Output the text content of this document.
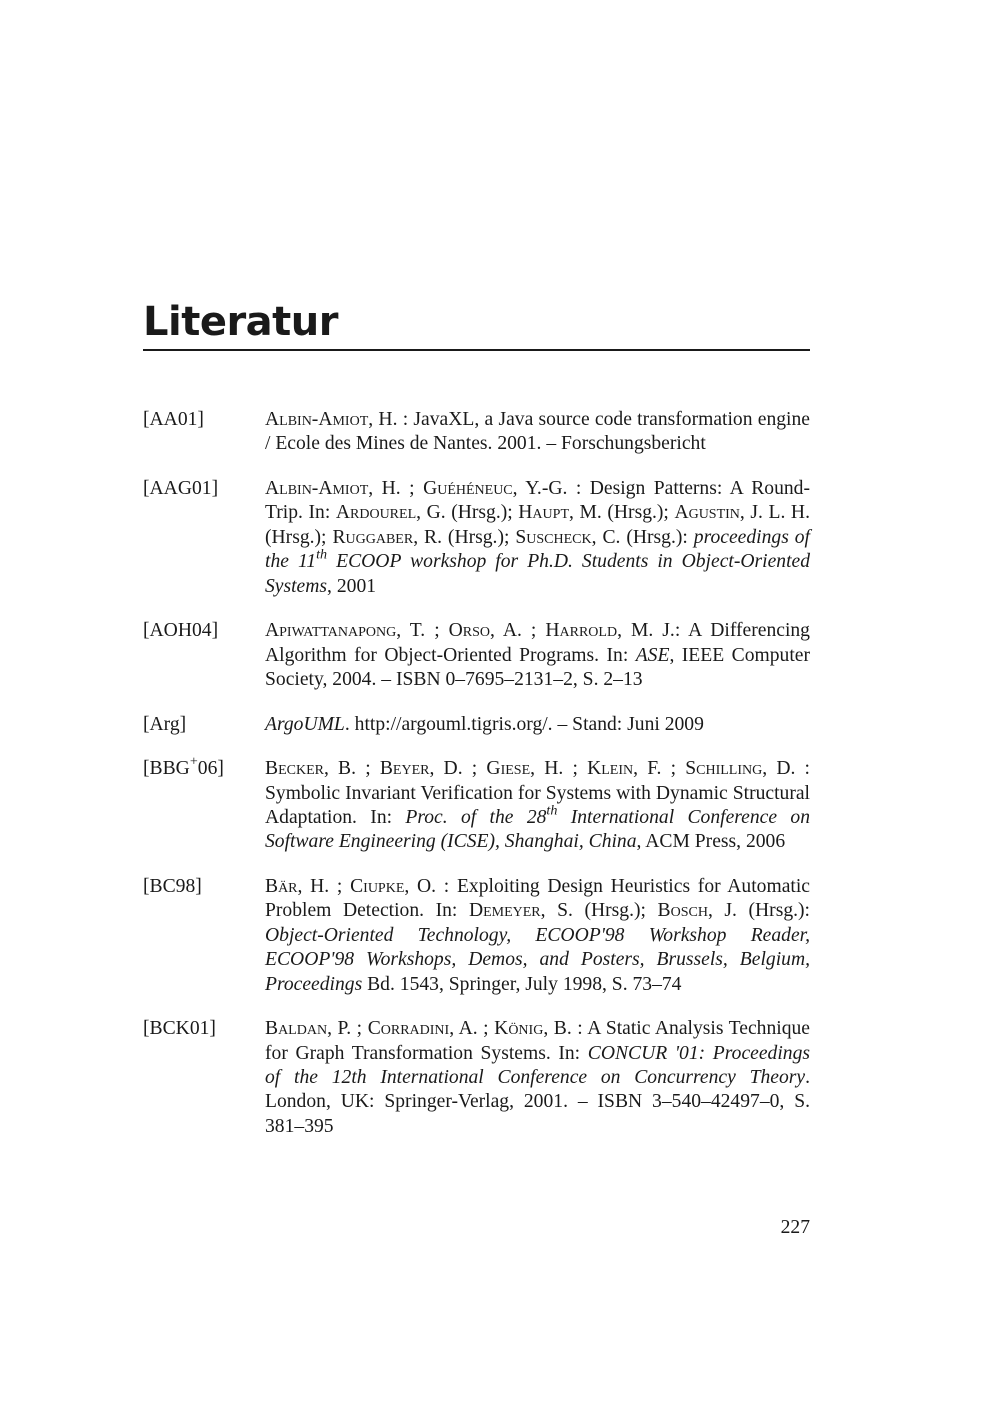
Literatur
[AA01]	Albin-Amiot, H. : JavaXL, a Java source code transformation engine / Ecole des Mines de Nantes. 2001. – Forschungsbericht
[AAG01]	Albin-Amiot, H. ; Guéhéneuc, Y.-G. : Design Patterns: A Round-Trip. In: Ardourel, G. (Hrsg.); Haupt, M. (Hrsg.); Agustin, J. L. H. (Hrsg.); Ruggaber, R. (Hrsg.); Suscheck, C. (Hrsg.): proceedings of the 11th ECOOP workshop for Ph.D. Students in Object-Oriented Systems, 2001
[AOH04]	Apiwattanapong, T. ; Orso, A. ; Harrold, M. J.: A Differencing Algorithm for Object-Oriented Programs. In: ASE, IEEE Computer Society, 2004. – ISBN 0–7695–2131–2, S. 2–13
[Arg]	ArgoUML. http://argouml.tigris.org/. – Stand: Juni 2009
[BBG+06]	Becker, B. ; Beyer, D. ; Giese, H. ; Klein, F. ; Schilling, D. : Symbolic Invariant Verification for Systems with Dynamic Structural Adaptation. In: Proc. of the 28th International Conference on Software Engineering (ICSE), Shanghai, China, ACM Press, 2006
[BC98]	Bär, H. ; Ciupke, O. : Exploiting Design Heuristics for Automatic Problem Detection. In: Demeyer, S. (Hrsg.); Bosch, J. (Hrsg.): Object-Oriented Technology, ECOOP'98 Workshop Reader, ECOOP'98 Workshops, Demos, and Posters, Brussels, Belgium, Proceedings Bd. 1543, Springer, July 1998, S. 73–74
[BCK01]	Baldan, P. ; Corradini, A. ; König, B. : A Static Analysis Technique for Graph Transformation Systems. In: CONCUR '01: Proceedings of the 12th International Conference on Concurrency Theory. London, UK: Springer-Verlag, 2001. – ISBN 3–540–42497–0, S. 381–395
227
